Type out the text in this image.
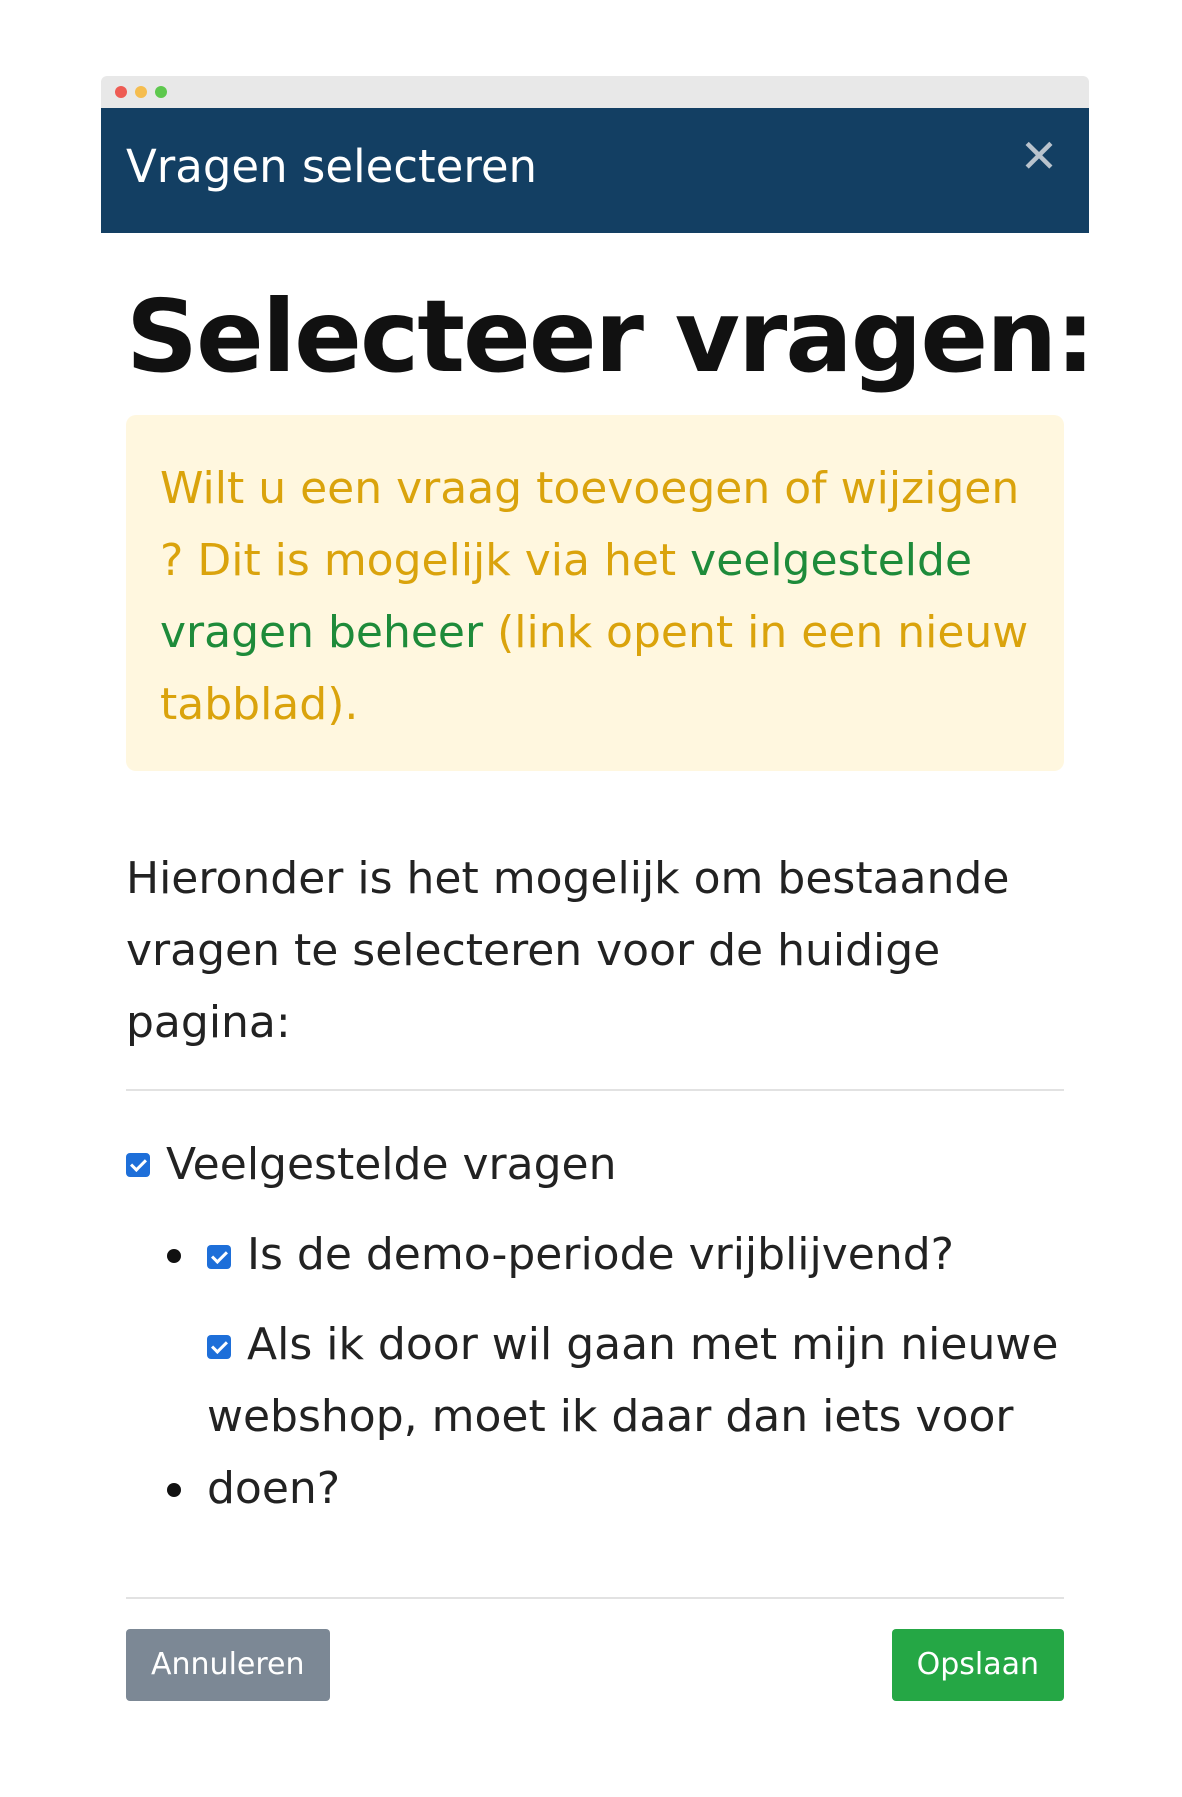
Vragen selecteren	✕
Selecteer vragen:
Wilt u een vraag toevoegen of wijzigen ? Dit is mogelijk via het veelgestelde vragen beheer (link opent in een nieuw tabblad).
Hieronder is het mogelijk om bestaande vragen te selecteren voor de huidige pagina:
Veelgestelde vragen
Is de demo-periode vrijblijvend?
Als ik door wil gaan met mijn nieuwe webshop, moet ik daar dan iets voor doen?
Annuleren	Opslaan
